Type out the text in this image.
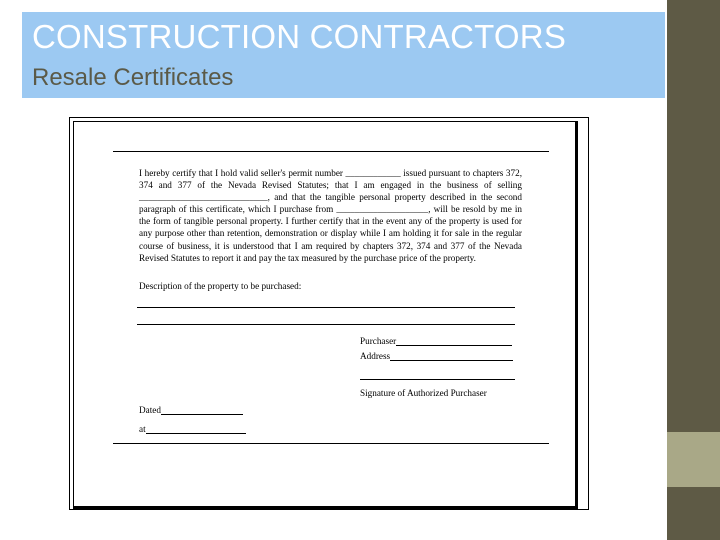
CONSTRUCTION CONTRACTORS
Resale Certificates

I hereby certify that I hold valid seller's permit number ____________ issued pursuant to chapters 372, 374 and 377 of the Nevada Revised Statutes; that I am engaged in the business of selling ____________________________, and that the tangible personal property described in the second paragraph of this certificate, which I purchase from ____________________, will be resold by me in the form of tangible personal property. I further certify that in the event any of the property is used for any purpose other than retention, demonstration or display while I am holding it for sale in the regular course of business, it is understood that I am required by chapters 372, 374 and 377 of the Nevada Revised Statutes to report it and pay the tax measured by the purchase price of the property.

Description of the property to be purchased:
Purchaser
Address
Signature of Authorized Purchaser
Dated
at
